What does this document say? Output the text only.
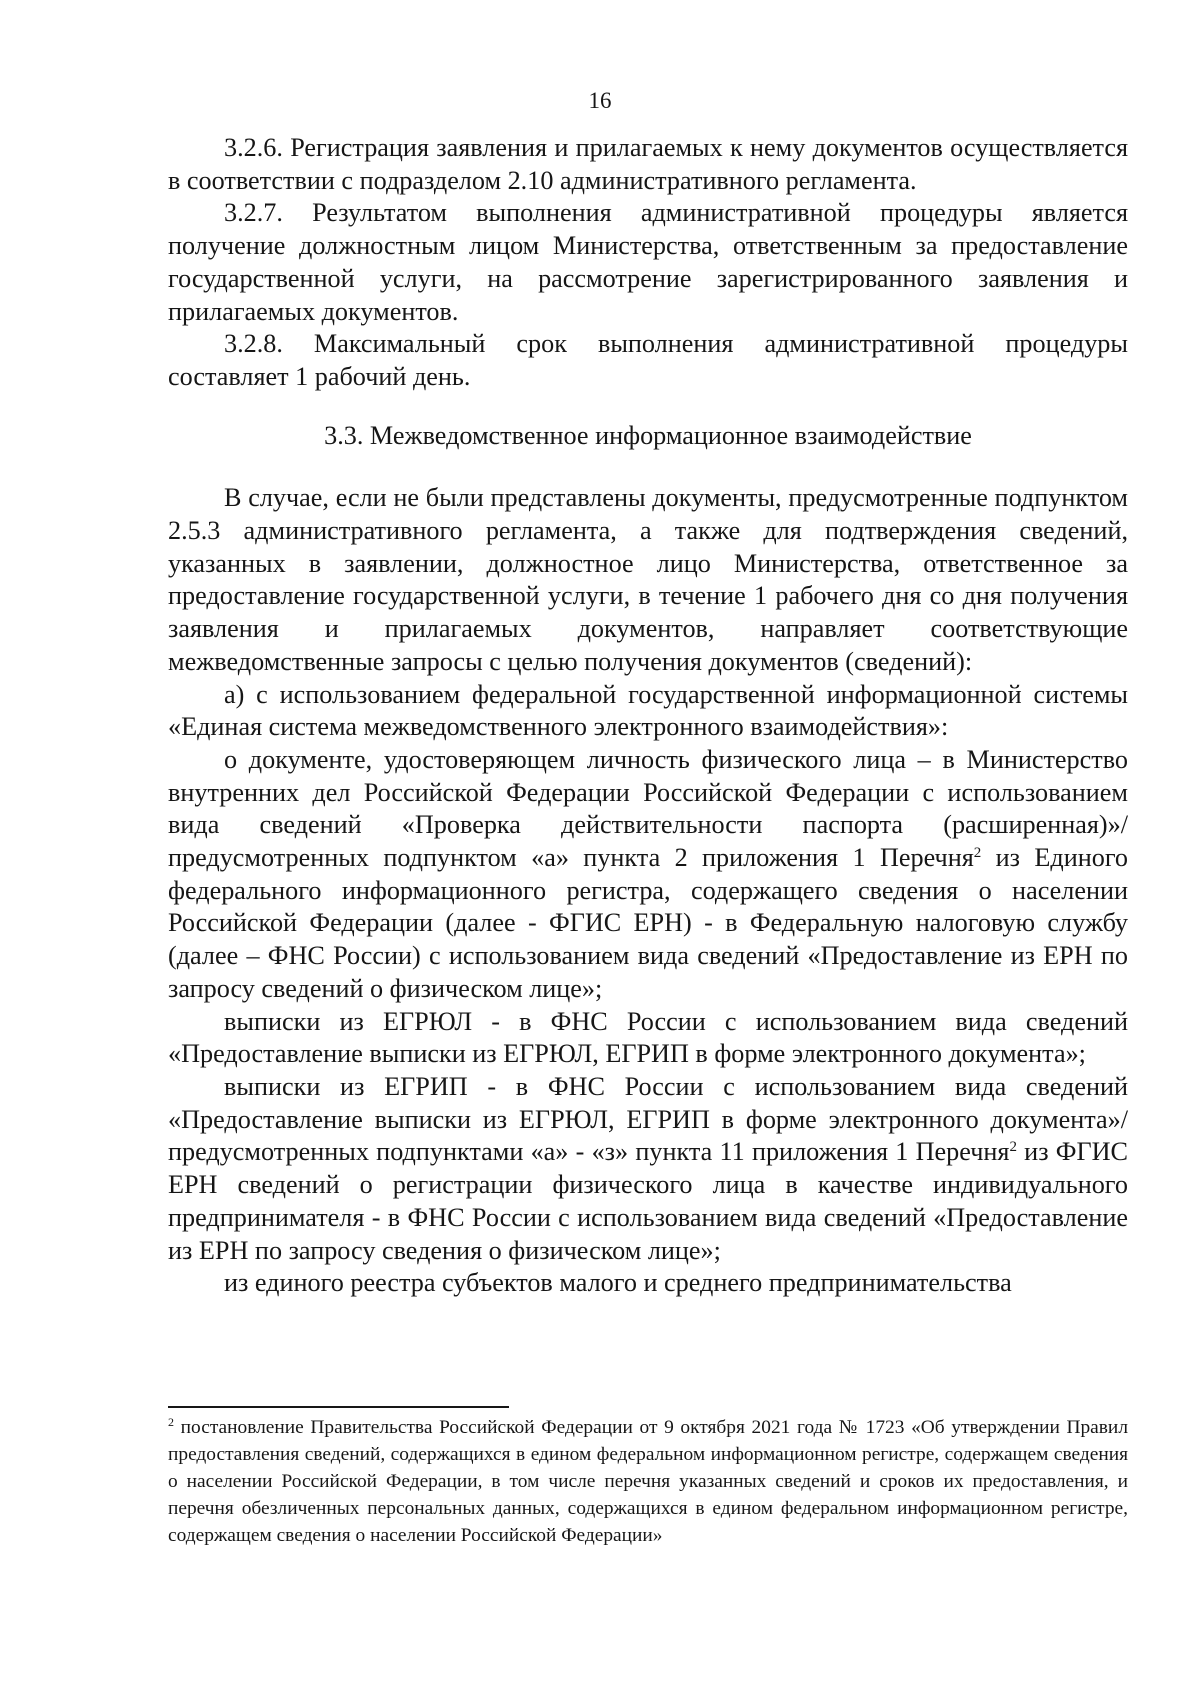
16

3.2.6. Регистрация заявления и прилагаемых к нему документов осуществляется в соответствии с подразделом 2.10 административного регламента.

3.2.7. Результатом выполнения административной процедуры является получение должностным лицом Министерства, ответственным за предоставление государственной услуги, на рассмотрение зарегистрированного заявления и прилагаемых документов.

3.2.8. Максимальный срок выполнения административной процедуры составляет 1 рабочий день.

3.3. Межведомственное информационное взаимодействие

В случае, если не были представлены документы, предусмотренные подпунктом 2.5.3 административного регламента, а также для подтверждения сведений, указанных в заявлении, должностное лицо Министерства, ответственное за предоставление государственной услуги, в течение 1 рабочего дня со дня получения заявления и прилагаемых документов, направляет соответствующие межведомственные запросы с целью получения документов (сведений):

а) с использованием федеральной государственной информационной системы «Единая система межведомственного электронного взаимодействия»:

о документе, удостоверяющем личность физического лица – в Министерство внутренних дел Российской Федерации Российской Федерации с использованием вида сведений «Проверка действительности паспорта (расширенная)»/предусмотренных подпунктом «а» пункта 2 приложения 1 Перечня$^2$ из Единого федерального информационного регистра, содержащего сведения о населении Российской Федерации (далее - ФГИС ЕРН) - в Федеральную налоговую службу (далее – ФНС России) с использованием вида сведений «Предоставление из ЕРН по запросу сведений о физическом лице»;

выписки из ЕГРЮЛ - в ФНС России с использованием вида сведений «Предоставление выписки из ЕГРЮЛ, ЕГРИП в форме электронного документа»;

выписки из ЕГРИП - в ФНС России с использованием вида сведений «Предоставление выписки из ЕГРЮЛ, ЕГРИП в форме электронного документа»/предусмотренных подпунктами «а» - «з» пункта 11 приложения 1 Перечня$^2$ из ФГИС ЕРН сведений о регистрации физического лица в качестве индивидуального предпринимателя - в ФНС России с использованием вида сведений «Предоставление из ЕРН по запросу сведения о физическом лице»;

из единого реестра субъектов малого и среднего предпринимательства

$^2$ постановление Правительства Российской Федерации от 9 октября 2021 года № 1723 «Об утверждении Правил предоставления сведений, содержащихся в едином федеральном информационном регистре, содержащем сведения о населении Российской Федерации, в том числе перечня указанных сведений и сроков их предоставления, и перечня обезличенных персональных данных, содержащихся в едином федеральном информационном регистре, содержащем сведения о населении Российской Федерации»
